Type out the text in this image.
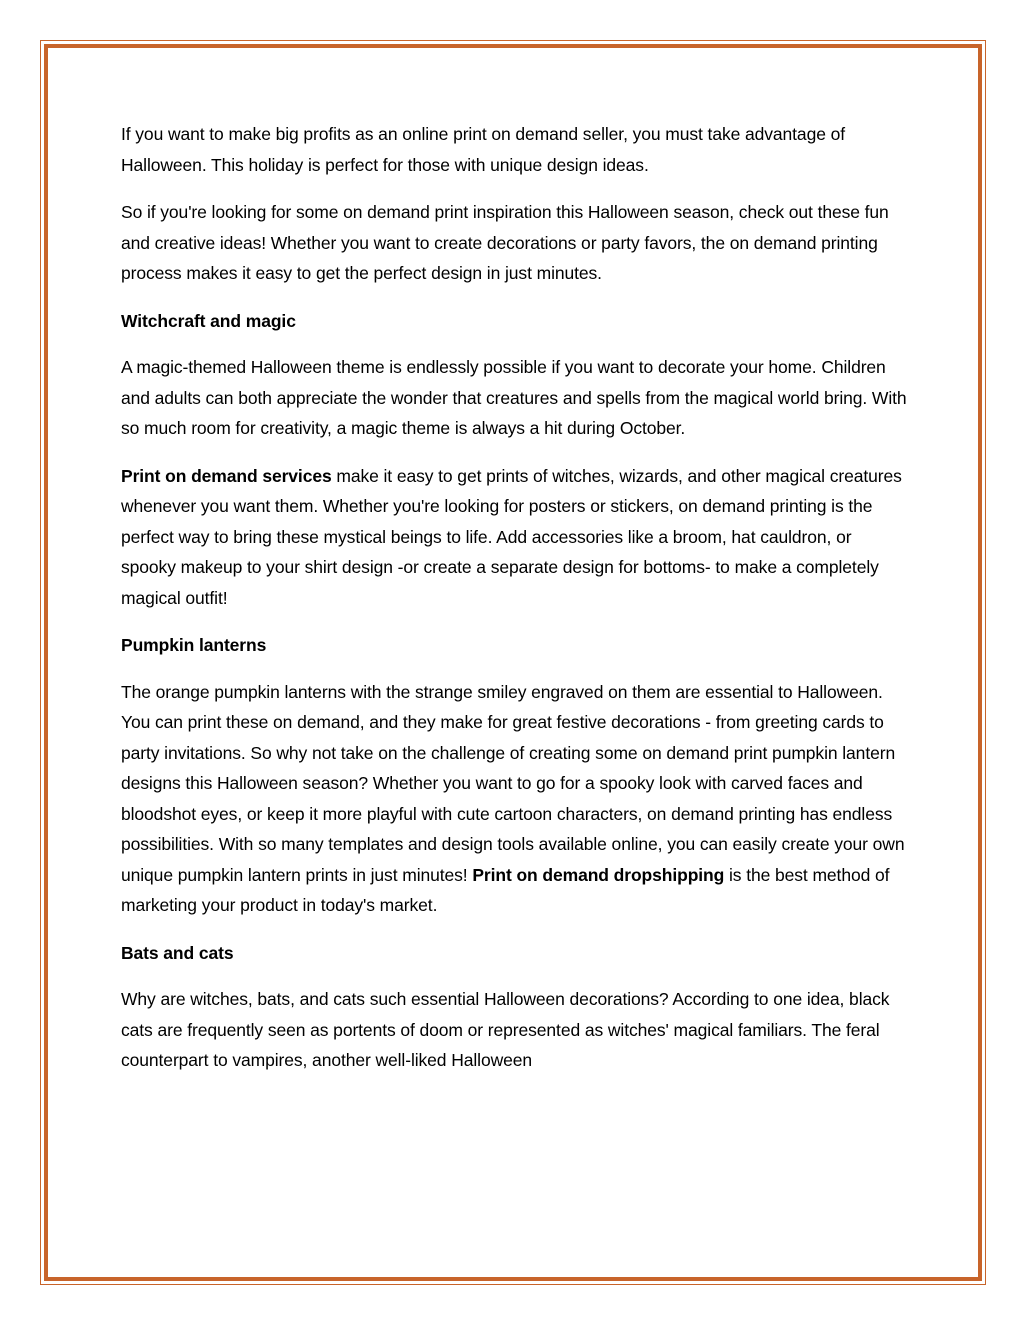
If you want to make big profits as an online print on demand seller, you must take advantage of Halloween. This holiday is perfect for those with unique design ideas.

So if you're looking for some on demand print inspiration this Halloween season, check out these fun and creative ideas! Whether you want to create decorations or party favors, the on demand printing process makes it easy to get the perfect design in just minutes.

Witchcraft and magic

A magic-themed Halloween theme is endlessly possible if you want to decorate your home. Children and adults can both appreciate the wonder that creatures and spells from the magical world bring. With so much room for creativity, a magic theme is always a hit during October.

Print on demand services make it easy to get prints of witches, wizards, and other magical creatures whenever you want them. Whether you're looking for posters or stickers, on demand printing is the perfect way to bring these mystical beings to life. Add accessories like a broom, hat cauldron, or spooky makeup to your shirt design -or create a separate design for bottoms- to make a completely magical outfit!

Pumpkin lanterns

The orange pumpkin lanterns with the strange smiley engraved on them are essential to Halloween. You can print these on demand, and they make for great festive decorations - from greeting cards to party invitations. So why not take on the challenge of creating some on demand print pumpkin lantern designs this Halloween season? Whether you want to go for a spooky look with carved faces and bloodshot eyes, or keep it more playful with cute cartoon characters, on demand printing has endless possibilities. With so many templates and design tools available online, you can easily create your own unique pumpkin lantern prints in just minutes! Print on demand dropshipping is the best method of marketing your product in today's market.

Bats and cats

Why are witches, bats, and cats such essential Halloween decorations? According to one idea, black cats are frequently seen as portents of doom or represented as witches' magical familiars. The feral counterpart to vampires, another well-liked Halloween
